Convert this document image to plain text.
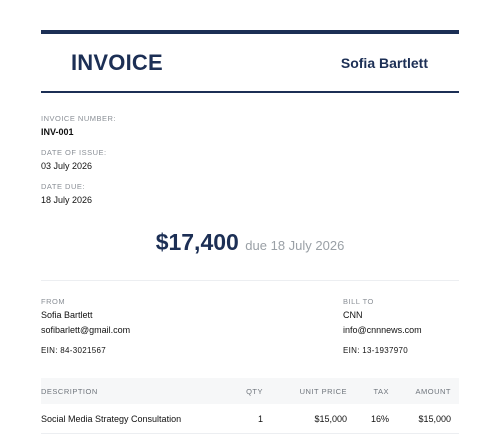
INVOICE	Sofia Bartlett
INVOICE NUMBER:
INV-001
DATE OF ISSUE:
03 July 2026
DATE DUE:
18 July 2026
$17,400 due 18 July 2026
FROM
Sofia Bartlett
sofibarlett@gmail.com
EIN: 84-3021567
BILL TO
CNN
info@cnnnews.com
EIN: 13-1937970
DESCRIPTION	QTY	UNIT PRICE	TAX	AMOUNT
Social Media Strategy Consultation	1	$15,000	16%	$15,000
